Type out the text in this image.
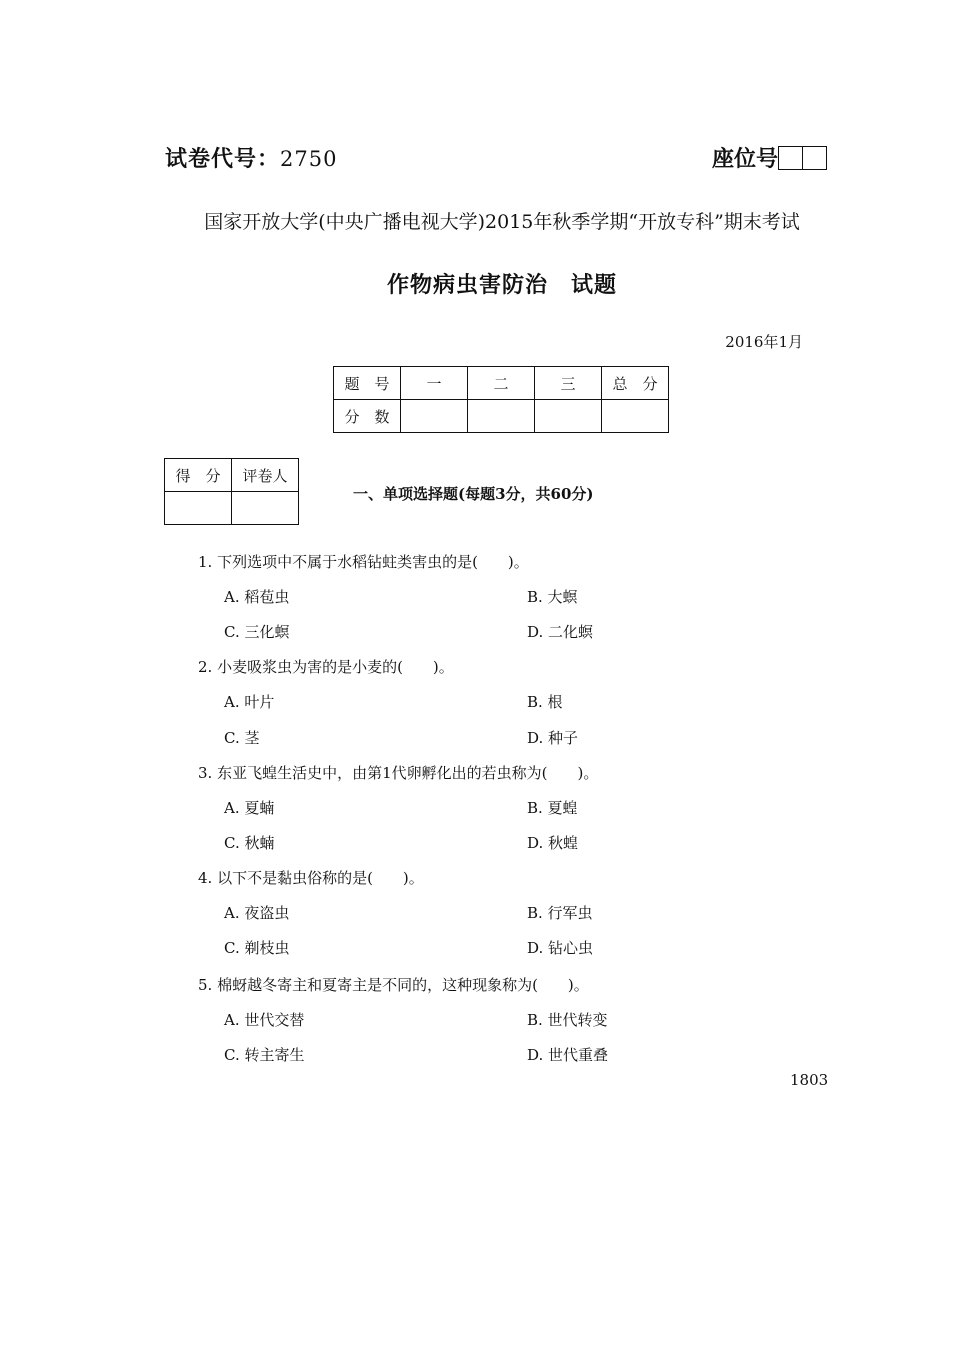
试卷代号：2750	座位号
国家开放大学(中央广播电视大学)2015年秋季学期“开放专科”期末考试
作物病虫害防治　试题
2016年1月
题　号	一	二	三	总　分
分　数				
得　分	评卷人

一、单项选择题(每题3分，共60分)
1. 下列选项中不属于水稻钻蛀类害虫的是(　　)。
A. 稻苞虫	B. 大螟
C. 三化螟	D. 二化螟
2. 小麦吸浆虫为害的是小麦的(　　)。
A. 叶片	B. 根
C. 茎	D. 种子
3. 东亚飞蝗生活史中，由第1代卵孵化出的若虫称为(　　)。
A. 夏蝻	B. 夏蝗
C. 秋蝻	D. 秋蝗
4. 以下不是黏虫俗称的是(　　)。
A. 夜盗虫	B. 行军虫
C. 剃枝虫	D. 钻心虫
5. 棉蚜越冬寄主和夏寄主是不同的，这种现象称为(　　)。
A. 世代交替	B. 世代转变
C. 转主寄生	D. 世代重叠
1803
